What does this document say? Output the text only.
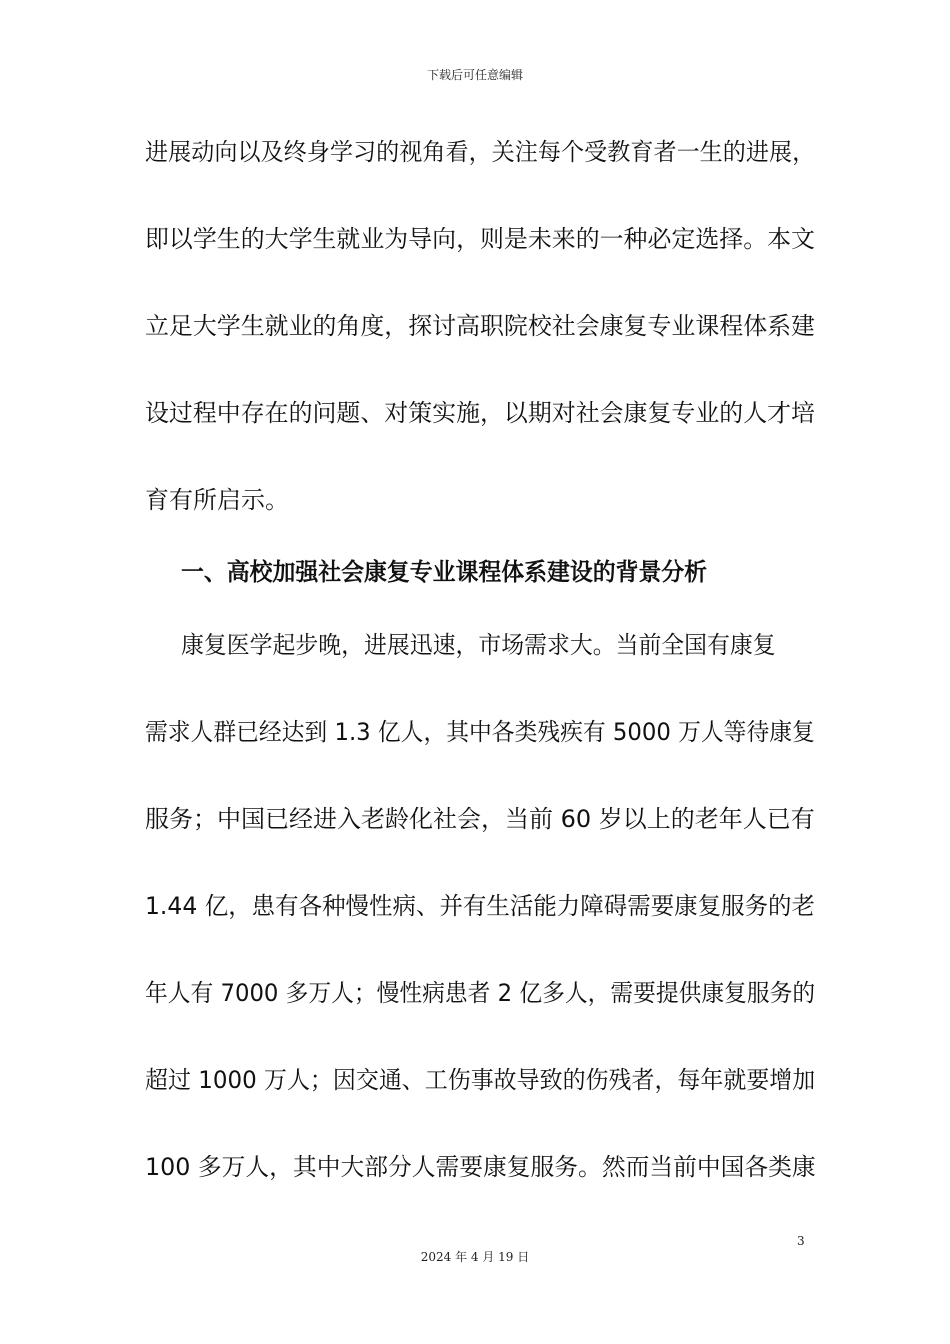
下载后可任意编辑
进展动向以及终身学习的视角看，关注每个受教育者一生的进展，
即以学生的大学生就业为导向，则是未来的一种必定选择。本文
立足大学生就业的角度，探讨高职院校社会康复专业课程体系建
设过程中存在的问题、对策实施，以期对社会康复专业的人才培
育有所启示。
一、高校加强社会康复专业课程体系建设的背景分析
康复医学起步晚，进展迅速，市场需求大。当前全国有康复
需求人群已经达到 1.3 亿人，其中各类残疾有 5000 万人等待康复
服务；中国已经进入老龄化社会，当前 60 岁以上的老年人已有
1.44 亿，患有各种慢性病、并有生活能力障碍需要康复服务的老
年人有 7000 多万人；慢性病患者 2 亿多人，需要提供康复服务的
超过 1000 万人；因交通、工伤事故导致的伤残者，每年就要增加
100 多万人，其中大部分人需要康复服务。然而当前中国各类康
3
2024 年 4 月 19 日
